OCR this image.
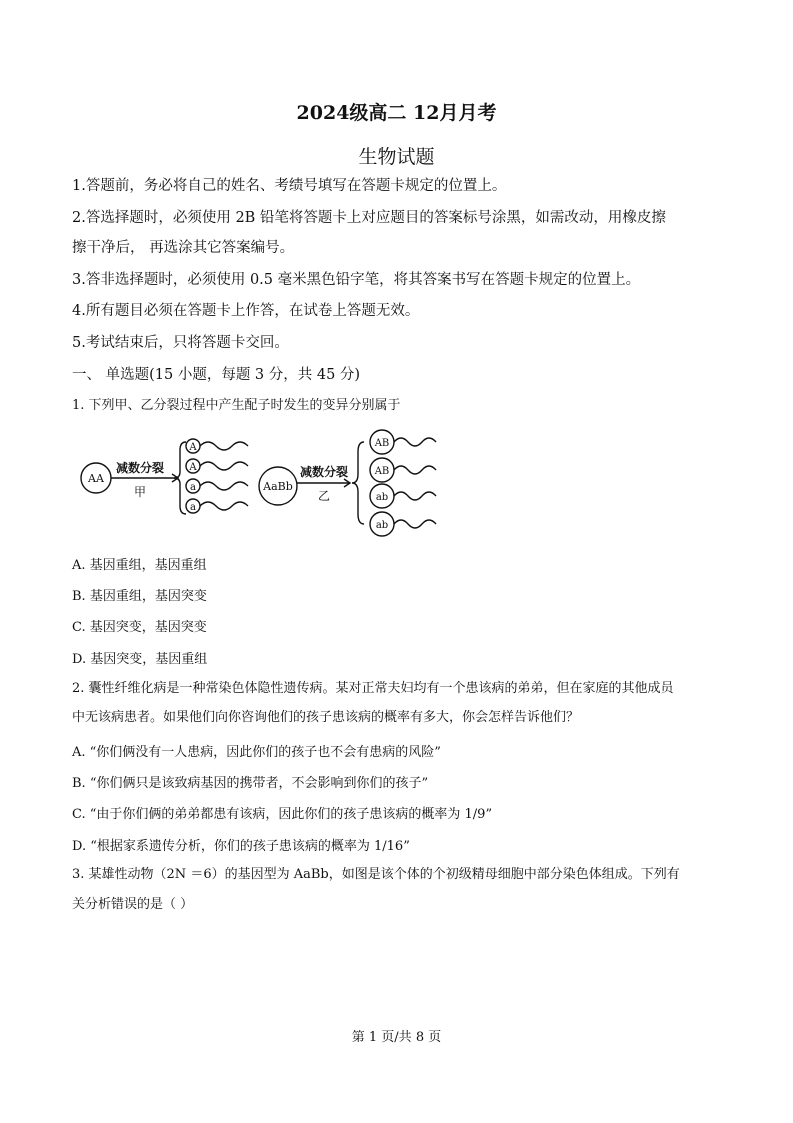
2024级高二 12月月考
生物试题
1.答题前，务必将自己的姓名、考绩号填写在答题卡规定的位置上。
2.答选择题时，必须使用 2B 铅笔将答题卡上对应题目的答案标号涂黑，如需改动，用橡皮擦
擦干净后， 再选涂其它答案编号。
3.答非选择题时，必须使用 0.5 毫米黑色铅字笔，将其答案书写在答题卡规定的位置上。
4.所有题目必须在答题卡上作答，在试卷上答题无效。
5.考试结束后，只将答题卡交回。
一、 单选题(15 小题，每题 3 分，共 45 分)
1. 下列甲、乙分裂过程中产生配子时发生的变异分别属于
AA
减数分裂
甲
A
A
a
a
AaBb
减数分裂
乙
AB
AB
ab
ab
A. 基因重组，基因重组
B. 基因重组，基因突变
C. 基因突变，基因突变
D. 基因突变，基因重组
2. 囊性纤维化病是一种常染色体隐性遗传病。某对正常夫妇均有一个患该病的弟弟，但在家庭的其他成员
中无该病患者。如果他们向你咨询他们的孩子患该病的概率有多大，你会怎样告诉他们？
A. “你们俩没有一人患病，因此你们的孩子也不会有患病的风险”
B. “你们俩只是该致病基因的携带者，不会影响到你们的孩子”
C. “由于你们俩的弟弟都患有该病，因此你们的孩子患该病的概率为 1/9”
D. “根据家系遗传分析，你们的孩子患该病的概率为 1/16”
3. 某雄性动物（2N ＝6）的基因型为 AaBb，如图是该个体的个初级精母细胞中部分染色体组成。下列有
关分析错误的是（ ）
第 1 页/共 8 页
